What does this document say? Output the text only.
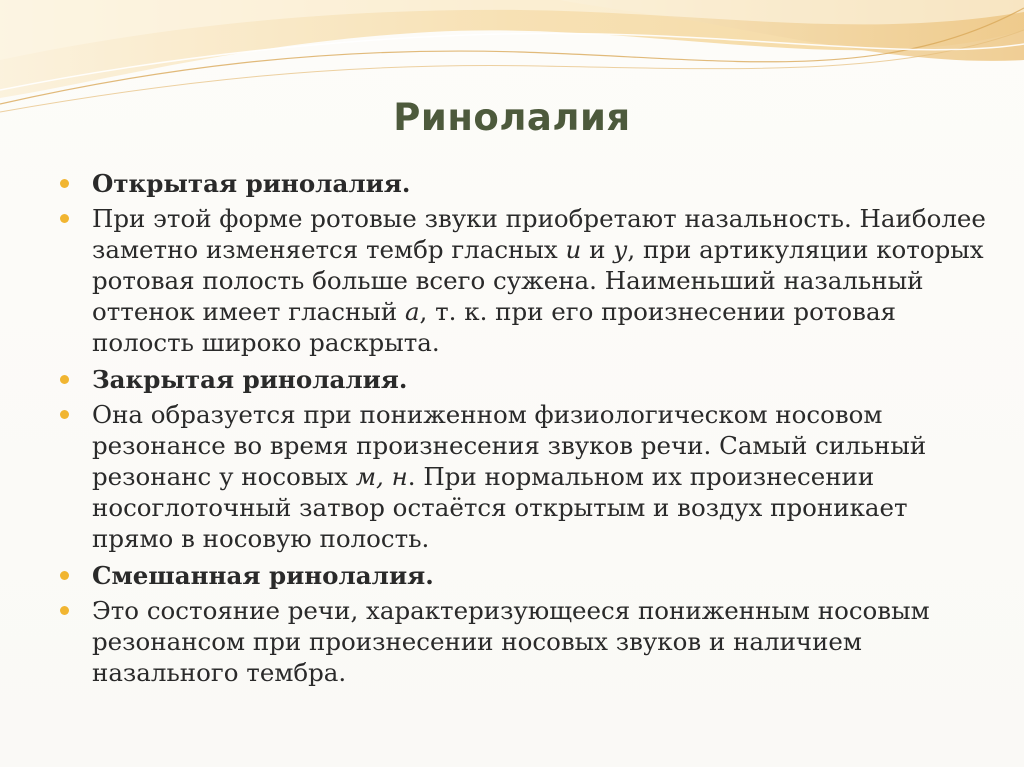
Ринолалия
Открытая ринолалия.
При этой форме ротовые звуки приобретают назальность. Наиболее заметно изменяется тембр гласных и и у, при артикуляции которых ротовая полость больше всего сужена. Наименьший назальный оттенок имеет гласный а, т. к. при его произнесении ротовая полость широко раскрыта.
Закрытая ринолалия.
Она образуется при пониженном физиологическом носовом резонансе во время произнесения звуков речи. Самый сильный резонанс у носовых м, н. При нормальном их произнесении носоглоточный затвор остаётся открытым и воздух проникает прямо в носовую полость.
Смешанная ринолалия.
Это состояние речи, характеризующееся пониженным носовым резонансом при произнесении носовых звуков и наличием назального тембра.
